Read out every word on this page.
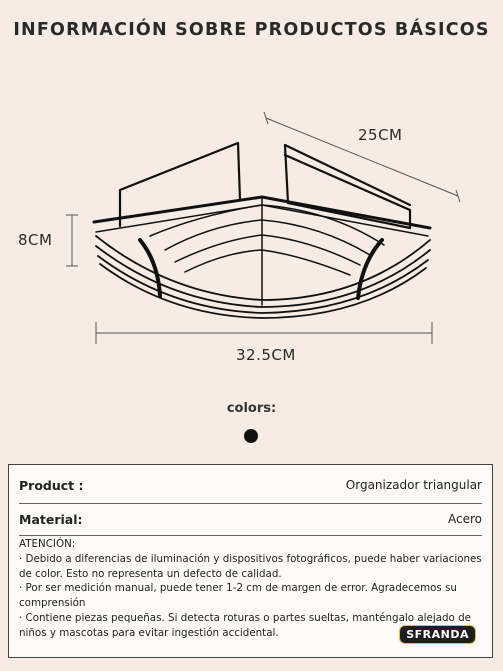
INFORMACIÓN SOBRE PRODUCTOS BÁSICOS
25CM
8CM
32.5CM
colors:
Product :	Organizador triangular
Material:	Acero

ATENCIÓN:

· Debido a diferencias de iluminación y dispositivos fotográficos, puede haber variaciones de color. Esto no representa un defecto de calidad.

· Por ser medición manual, puede tener 1-2 cm de margen de error. Agradecemos su comprensión

· Contiene piezas pequeñas. Si detecta roturas o partes sueltas, manténgalo alejado de niños y mascotas para evitar ingestión accidental.	SFRANDA
